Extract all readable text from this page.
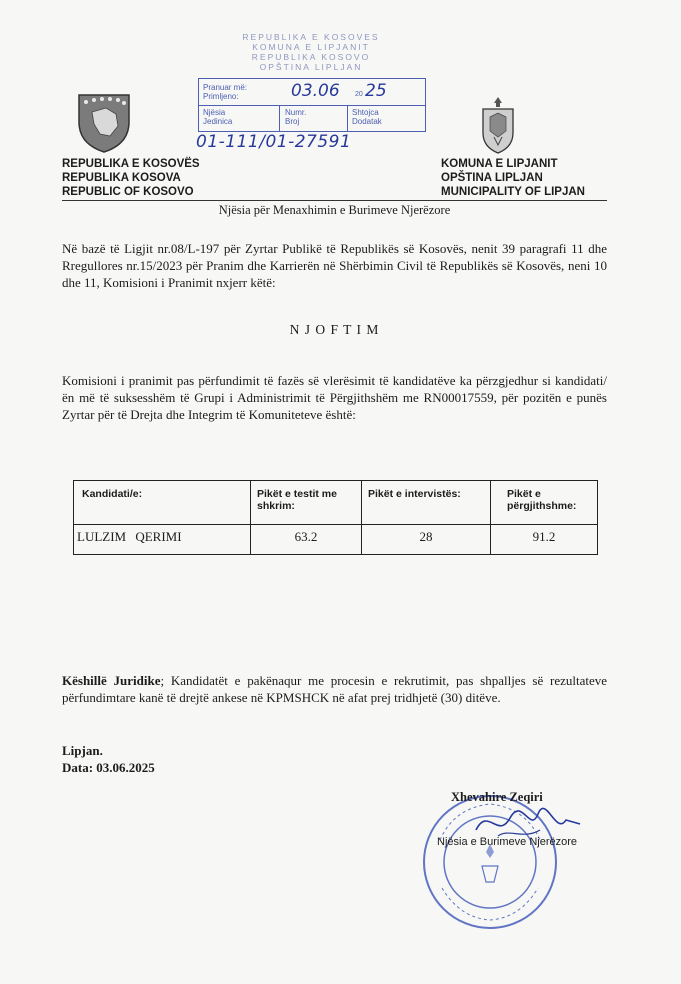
REPUBLIKA E KOSOVES
KOMUNA E LIPJANIT
REPUBLIKA KOSOVO
OPŠTINA LIPLJAN
Pranuar më:
Primljeno:	03.06 20 25
Njësia
Jedinica
Numr.
Broj
Shtojca
Dodatak
01-111/01-27591
REPUBLIKA E KOSOVËS
REPUBLIKA KOSOVA
REPUBLIC OF KOSOVO
KOMUNA E LIPJANIT
OPŠTINA LIPLJAN
MUNICIPALITY OF LIPJAN
Njësia për Menaxhimin e Burimeve Njerëzore
Në bazë të Ligjit nr.08/L-197 për Zyrtar Publikë të Republikës së Kosovës, nenit 39 paragrafi 11 dhe Rregullores nr.15/2023 për Pranim dhe Karrierën në Shërbimin Civil të Republikës së Kosovës, neni 10 dhe 11, Komisioni i Pranimit nxjerr këtë:
N J O F T I M
Komisioni i pranimit pas përfundimit të fazës së vlerësimit të kandidatëve ka përzgjedhur si kandidati/ën më të suksesshëm të Grupi i Administrimit të Përgjithshëm me RN00017559, për pozitën e punës Zyrtar për të Drejta dhe Integrim të Komuniteteve është:
Kandidati/e:	Pikët e testit me shkrim:	Pikët e intervistës:	Pikët e përgjithshme:
LULZIM QERIMI	63.2	28	91.2
Këshillë Juridike; Kandidatët e pakënaqur me procesin e rekrutimit, pas shpalljes së rezultateve përfundimtare kanë të drejtë ankese në KPMSHCK në afat prej tridhjetë (30) ditëve.
Lipjan.
Data: 03.06.2025
Xhevahire Zeqiri
Njësia e Burimeve Njerëzore
